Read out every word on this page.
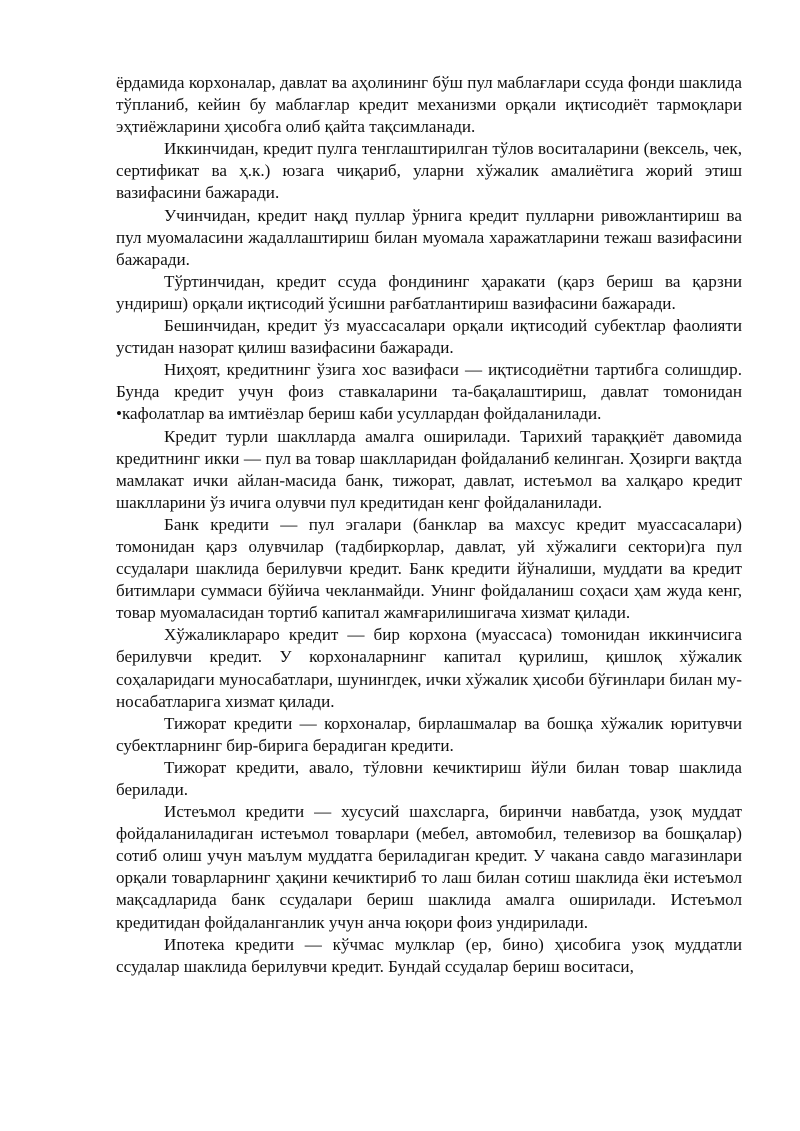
ёрдамида корхоналар, давлат ва аҳолининг бўш пул маблағлари ссуда фонди шаклида тўпланиб, кейин бу маблағлар кредит механизми орқали иқтисодиёт тармоқлари эҳтиёжларини ҳисобга олиб қайта тақсимланади.

Иккинчидан, кредит пулга тенглаштирилган тўлов воситаларини (вексель, чек, сертификат ва ҳ.к.) юзага чиқариб, уларни хўжалик амалиётига жорий этиш вазифасини бажаради.

Учинчидан, кредит нақд пуллар ўрнига кредит пулларни ривожлантириш ва пул муомаласини жадаллаштириш билан муомала харажатларини тежаш вазифасини бажаради.

Тўртинчидан, кредит ссуда фондининг ҳаракати (қарз бериш ва қарзни ундириш) орқали иқтисодий ўсишни рағбатлантириш вазифасини бажаради.

Бешинчидан, кредит ўз муассасалари орқали иқтисодий субектлар фаолияти устидан назорат қилиш вазифасини бажаради.

Ниҳоят, кредитнинг ўзига хос вазифаси — иқтисодиётни тартибга солишдир. Бунда кредит учун фоиз ставкаларини та-бақалаштириш, давлат томонидан •кафолатлар ва имтиёзлар бериш каби усуллардан фойдаланилади.

Кредит турли шаклларда амалга оширилади. Тарихий тараққиёт давомида кредитнинг икки — пул ва товар шаклларидан фойдаланиб келинган. Ҳозирги вақтда мамлакат ички айлан-масида банк, тижорат, давлат, истеъмол ва халқаро кредит шаклларини ўз ичига олувчи пул кредитидан кенг фойдаланилади.

Банк кредити — пул эгалари (банклар ва махсус кредит муассасалари) томонидан қарз олувчилар (тадбиркорлар, давлат, уй хўжалиги сектори)га пул ссудалари шаклида берилувчи кредит. Банк кредити йўналиши, муддати ва кредит битимлари суммаси бўйича чекланмайди. Унинг фойдаланиш соҳаси ҳам жуда кенг, товар муомаласидан тортиб капитал жамғарилишигача хизмат қилади.

Хўжаликлараро кредит — бир корхона (муассаса) томонидан иккинчисига берилувчи кредит. У корхоналарнинг капитал қурилиш, қишлоқ хўжалик соҳаларидаги муносабатлари, шунингдек, ички хўжалик ҳисоби бўғинлари билан му-носабатларига хизмат қилади.

Тижорат кредити — корхоналар, бирлашмалар ва бошқа хўжалик юритувчи субектларнинг бир-бирига берадиган кредити.

Тижорат кредити, авало, тўловни кечиктириш йўли билан товар шаклида берилади.

Истеъмол кредити — хусусий шахсларга, биринчи навбатда, узоқ муддат фойдаланиладиган истеъмол товарлари (мебел, автомобил, телевизор ва бошқалар) сотиб олиш учун маълум муддатга бериладиган кредит. У чакана савдо магазинлари орқали товарларнинг ҳақини кечиктириб то лаш билан сотиш шаклида ёки истеъмол мақсадларида банк ссудалари бериш шаклида амалга оширилади. Истеъмол кредитидан фойдаланганлик учун анча юқори фоиз ундирилади.

Ипотека кредити — кўчмас мулклар (ер, бино) ҳисобига узоқ муддатли ссудалар шаклида берилувчи кредит. Бундай ссудалар бериш воситаси,
